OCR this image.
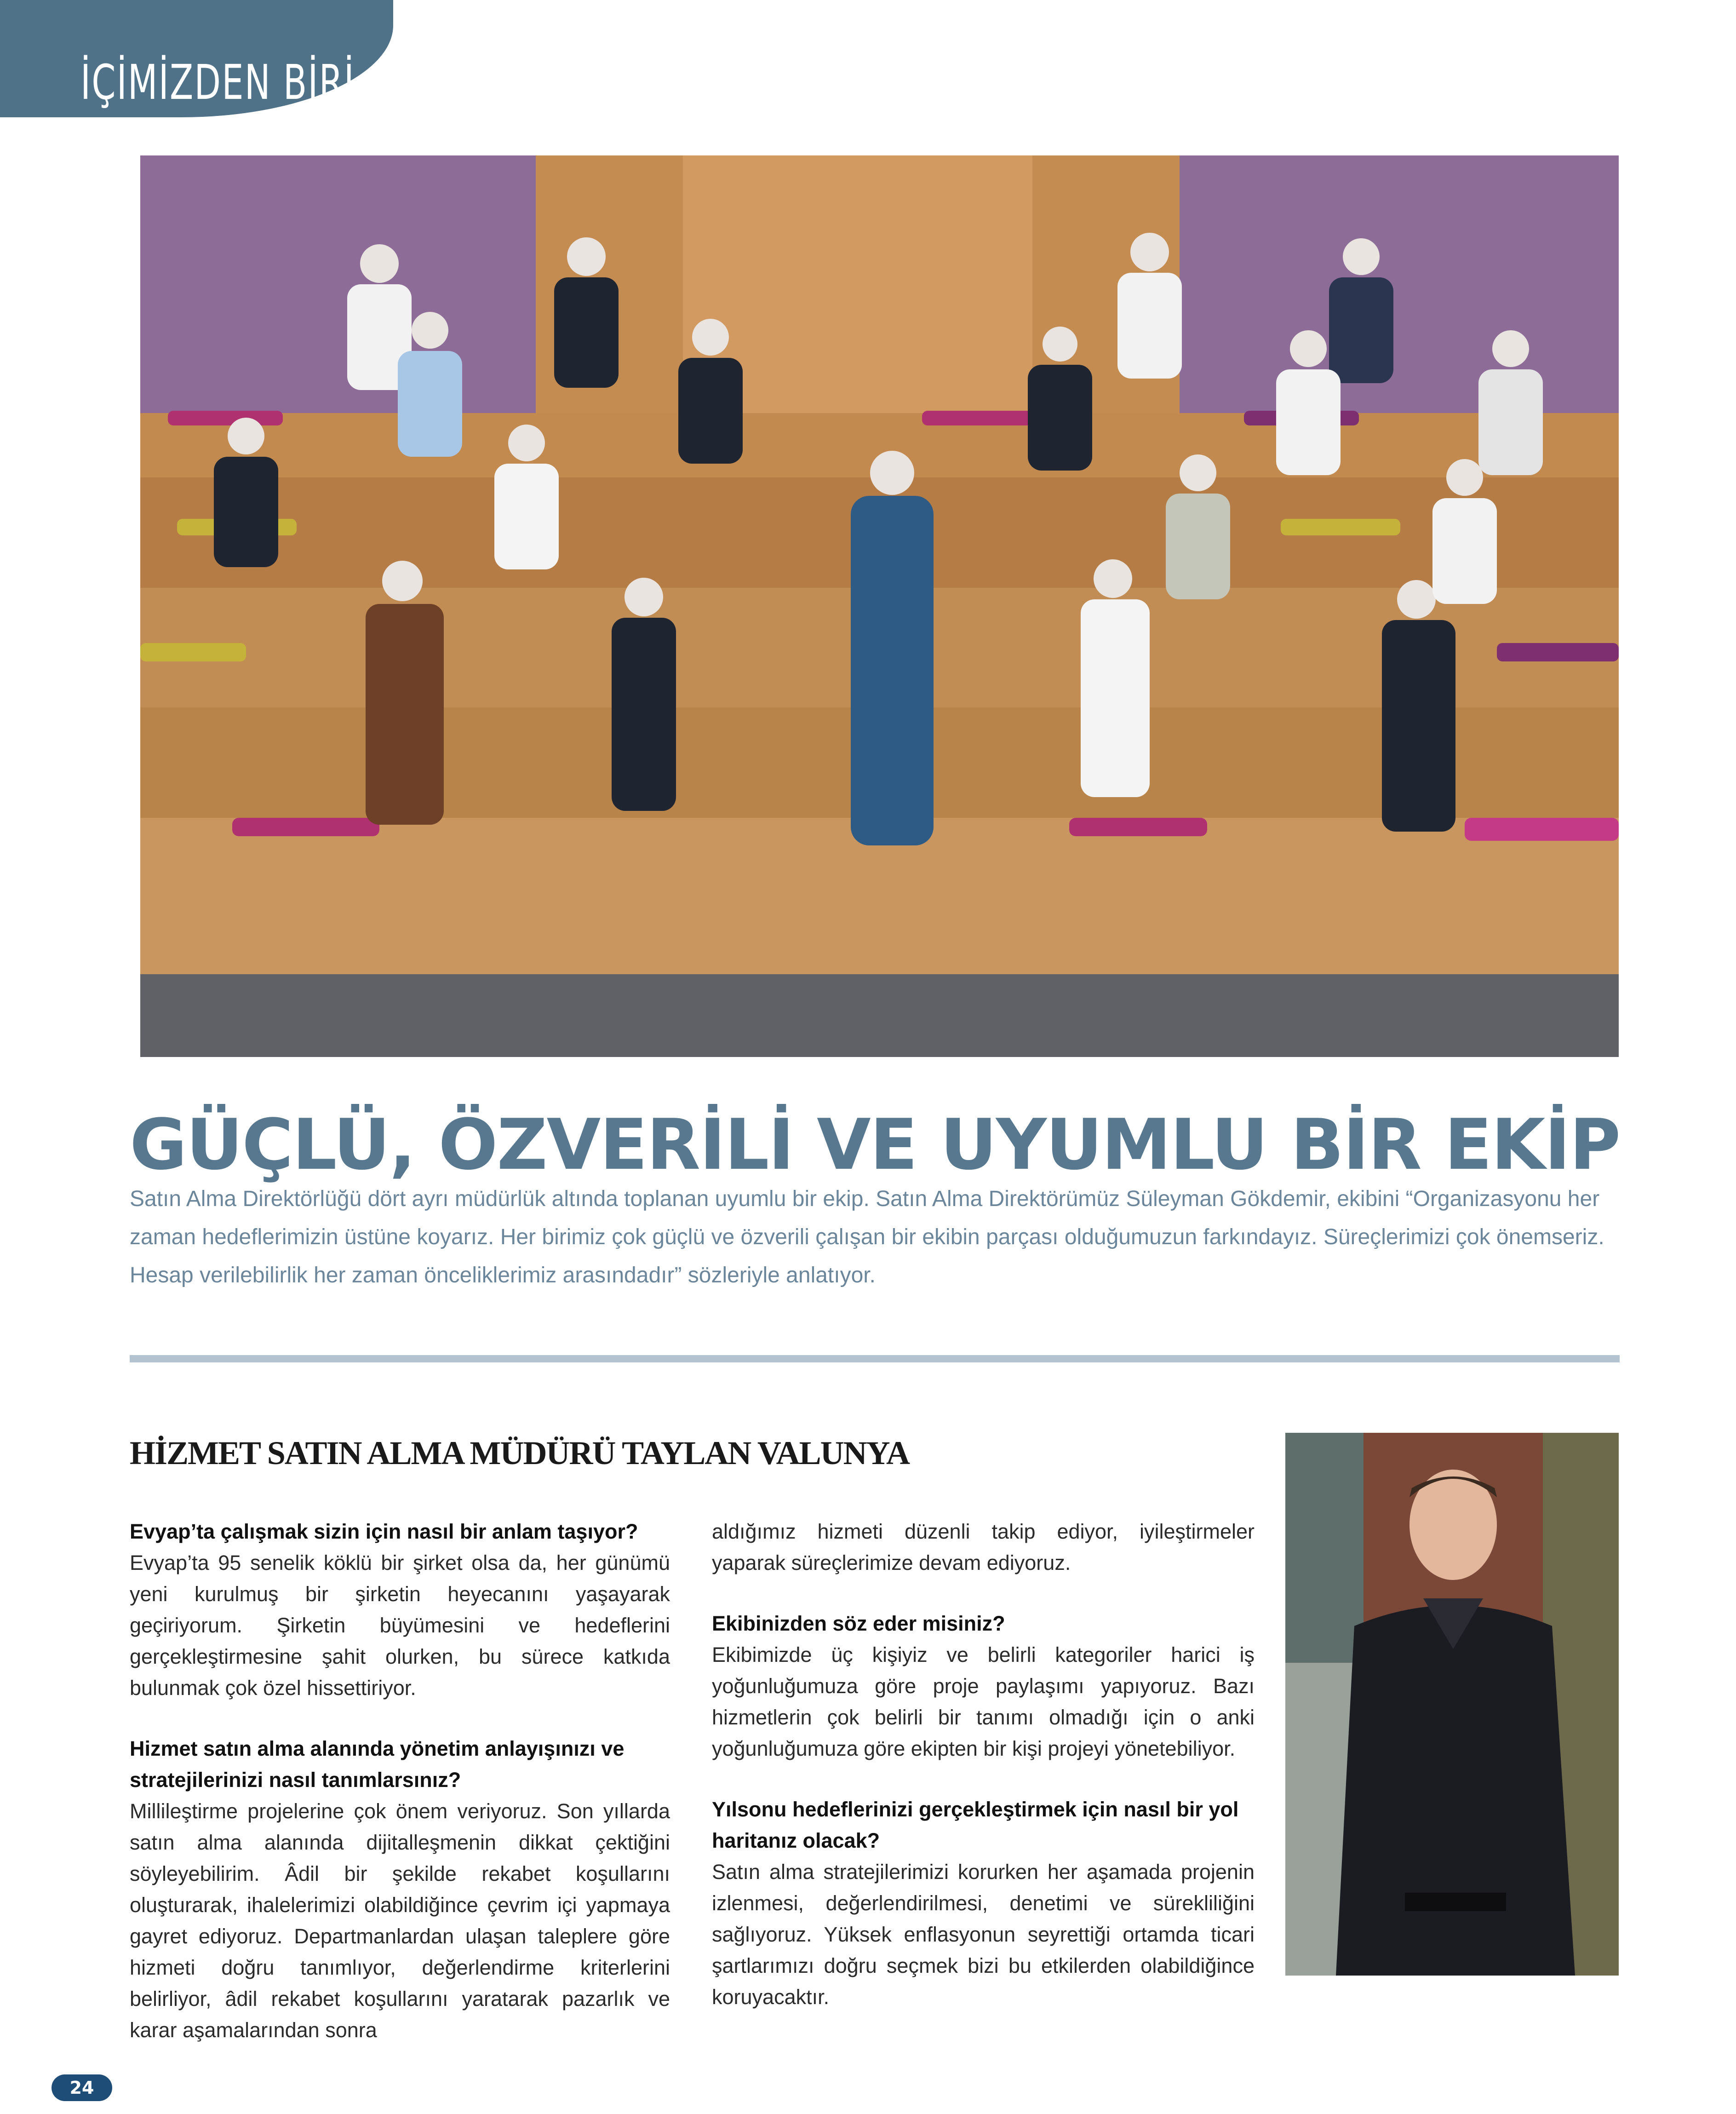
İÇİMİZDEN BİRİ
GÜÇLÜ, ÖZVERİLİ VE UYUMLU BİR EKİP

Satın Alma Direktörlüğü dört ayrı müdürlük altında toplanan uyumlu bir ekip. Satın Alma Direktörümüz Süleyman Gökdemir, ekibini “Organizasyonu her zaman hedeflerimizin üstüne koyarız. Her birimiz çok güçlü ve özverili çalışan bir ekibin parçası olduğumuzun farkındayız. Süreçlerimizi çok önemseriz. Hesap verilebilirlik her zaman önceliklerimiz arasındadır” sözleriyle anlatıyor.

HİZMET SATIN ALMA MÜDÜRÜ TAYLAN VALUNYA
Evyap’ta çalışmak sizin için nasıl bir anlam taşıyor?
Evyap’ta 95 senelik köklü bir şirket olsa da, her günümü yeni kurulmuş bir şirketin heyecanını yaşayarak geçiriyorum. Şirketin büyümesini ve hedeflerini gerçekleştirmesine şahit olurken, bu sürece katkıda bulunmak çok özel hissettiriyor.
Hizmet satın alma alanında yönetim anlayışınızı ve stratejilerinizi nasıl tanımlarsınız?
Millileştirme projelerine çok önem veriyoruz. Son yıllarda satın alma alanında dijitalleşmenin dikkat çektiğini söyleyebilirim. Âdil bir şekilde rekabet koşullarını oluşturarak, ihalelerimizi olabildiğince çevrim içi yapmaya gayret ediyoruz. Departmanlardan ulaşan taleplere göre hizmeti doğru tanımlıyor, değerlendirme kriterlerini belirliyor, âdil rekabet koşullarını yaratarak pazarlık ve karar aşamalarından sonra
aldığımız hizmeti düzenli takip ediyor, iyileştirmeler yaparak süreçlerimize devam ediyoruz.
Ekibinizden söz eder misiniz?
Ekibimizde üç kişiyiz ve belirli kategoriler harici iş yoğunluğumuza göre proje paylaşımı yapıyoruz. Bazı hizmetlerin çok belirli bir tanımı olmadığı için o anki yoğunluğumuza göre ekipten bir kişi projeyi yönetebiliyor.
Yılsonu hedeflerinizi gerçekleştirmek için nasıl bir yol haritanız olacak?
Satın alma stratejilerimizi korurken her aşamada projenin izlenmesi, değerlendirilmesi, denetimi ve sürekliliğini sağlıyoruz. Yüksek enflasyonun seyrettiği ortamda ticari şartlarımızı doğru seçmek bizi bu etkilerden olabildiğince koruyacaktır.
24
